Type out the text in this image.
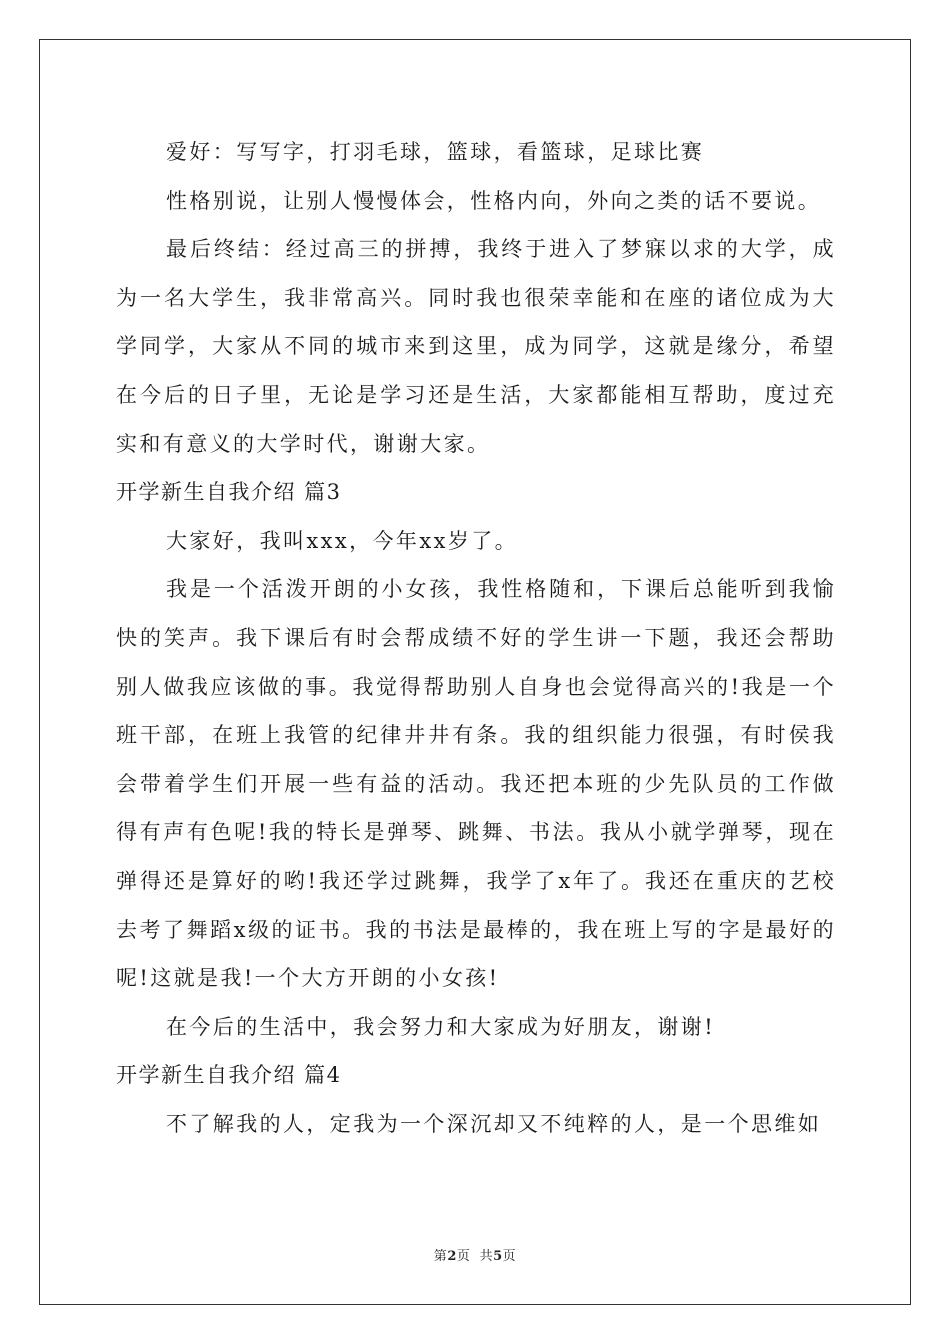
爱好：写写字，打羽毛球，篮球，看篮球，足球比赛

性格别说，让别人慢慢体会，性格内向，外向之类的话不要说。

最后终结：经过高三的拼搏，我终于进入了梦寐以求的大学，成为一名大学生，我非常高兴。同时我也很荣幸能和在座的诸位成为大学同学，大家从不同的城市来到这里，成为同学，这就是缘分，希望在今后的日子里，无论是学习还是生活，大家都能相互帮助，度过充实和有意义的大学时代，谢谢大家。

开学新生自我介绍 篇3

大家好，我叫xxx，今年xx岁了。

我是一个活泼开朗的小女孩，我性格随和，下课后总能听到我愉快的笑声。我下课后有时会帮成绩不好的学生讲一下题，我还会帮助别人做我应该做的事。我觉得帮助别人自身也会觉得高兴的!我是一个班干部，在班上我管的纪律井井有条。我的组织能力很强，有时侯我会带着学生们开展一些有益的活动。我还把本班的少先队员的工作做得有声有色呢!我的特长是弹琴、跳舞、书法。我从小就学弹琴，现在弹得还是算好的哟!我还学过跳舞，我学了x年了。我还在重庆的艺校去考了舞蹈x级的证书。我的书法是最棒的，我在班上写的字是最好的呢!这就是我!一个大方开朗的小女孩!

在今后的生活中，我会努力和大家成为好朋友，谢谢!

开学新生自我介绍 篇4

不了解我的人，定我为一个深沉却又不纯粹的人，是一个思维如

第2页  共5页
